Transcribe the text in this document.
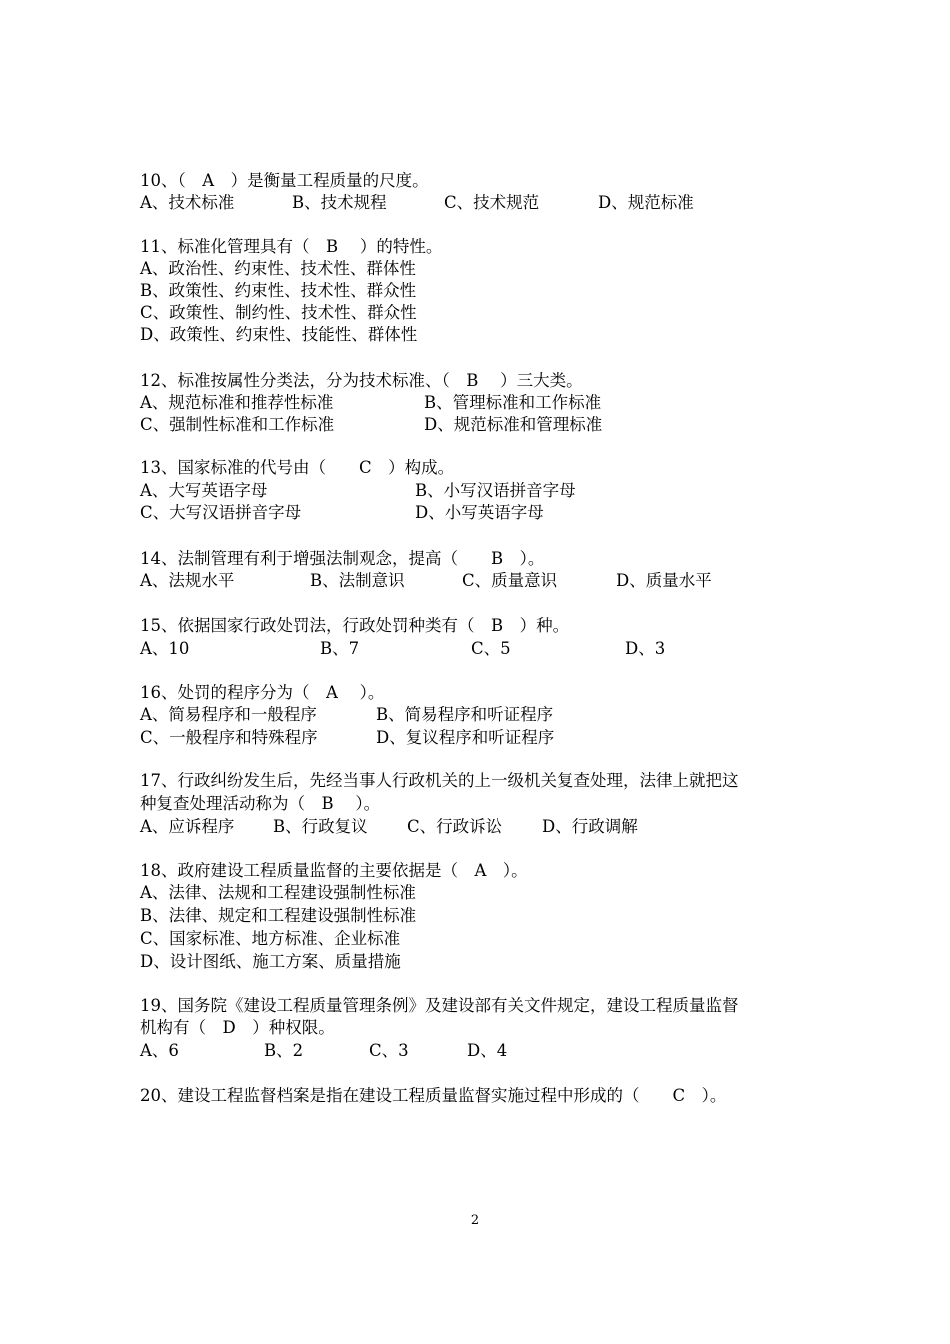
10、（　A　）是衡量工程质量的尺度。
A、技术标准	B、技术规程	C、技术规范	D、规范标准
11、标准化管理具有（　B　 ）的特性。
A、政治性、约束性、技术性、群体性
B、政策性、约束性、技术性、群众性
C、政策性、制约性、技术性、群众性
D、政策性、约束性、技能性、群体性
12、标准按属性分类法，分为技术标准、（　B　 ）三大类。
A、规范标准和推荐性标准	B、管理标准和工作标准
C、强制性标准和工作标准	D、规范标准和管理标准
13、国家标准的代号由（　　C　）构成。
A、大写英语字母	B、小写汉语拼音字母
C、大写汉语拼音字母	D、小写英语字母
14、法制管理有利于增强法制观念，提高（　　B　）。
A、法规水平	B、法制意识	C、质量意识	D、质量水平
15、依据国家行政处罚法，行政处罚种类有（　B　）种。
A、10	B、7	C、5	D、3
16、处罚的程序分为（　A　 ）。
A、简易程序和一般程序	B、简易程序和听证程序
C、一般程序和特殊程序	D、复议程序和听证程序
17、行政纠纷发生后，先经当事人行政机关的上一级机关复查处理，法律上就把这
种复查处理活动称为（　B　 ）。
A、应诉程序 B、行政复议 C、行政诉讼 D、行政调解
18、政府建设工程质量监督的主要依据是（　A　）。
A、法律、法规和工程建设强制性标准
B、法律、规定和工程建设强制性标准
C、国家标准、地方标准、企业标准
D、设计图纸、施工方案、质量措施
19、国务院《建设工程质量管理条例》及建设部有关文件规定，建设工程质量监督
机构有（　D　）种权限。
A、6	B、2	C、3	D、4
20、建设工程监督档案是指在建设工程质量监督实施过程中形成的（　　C　）。
2
